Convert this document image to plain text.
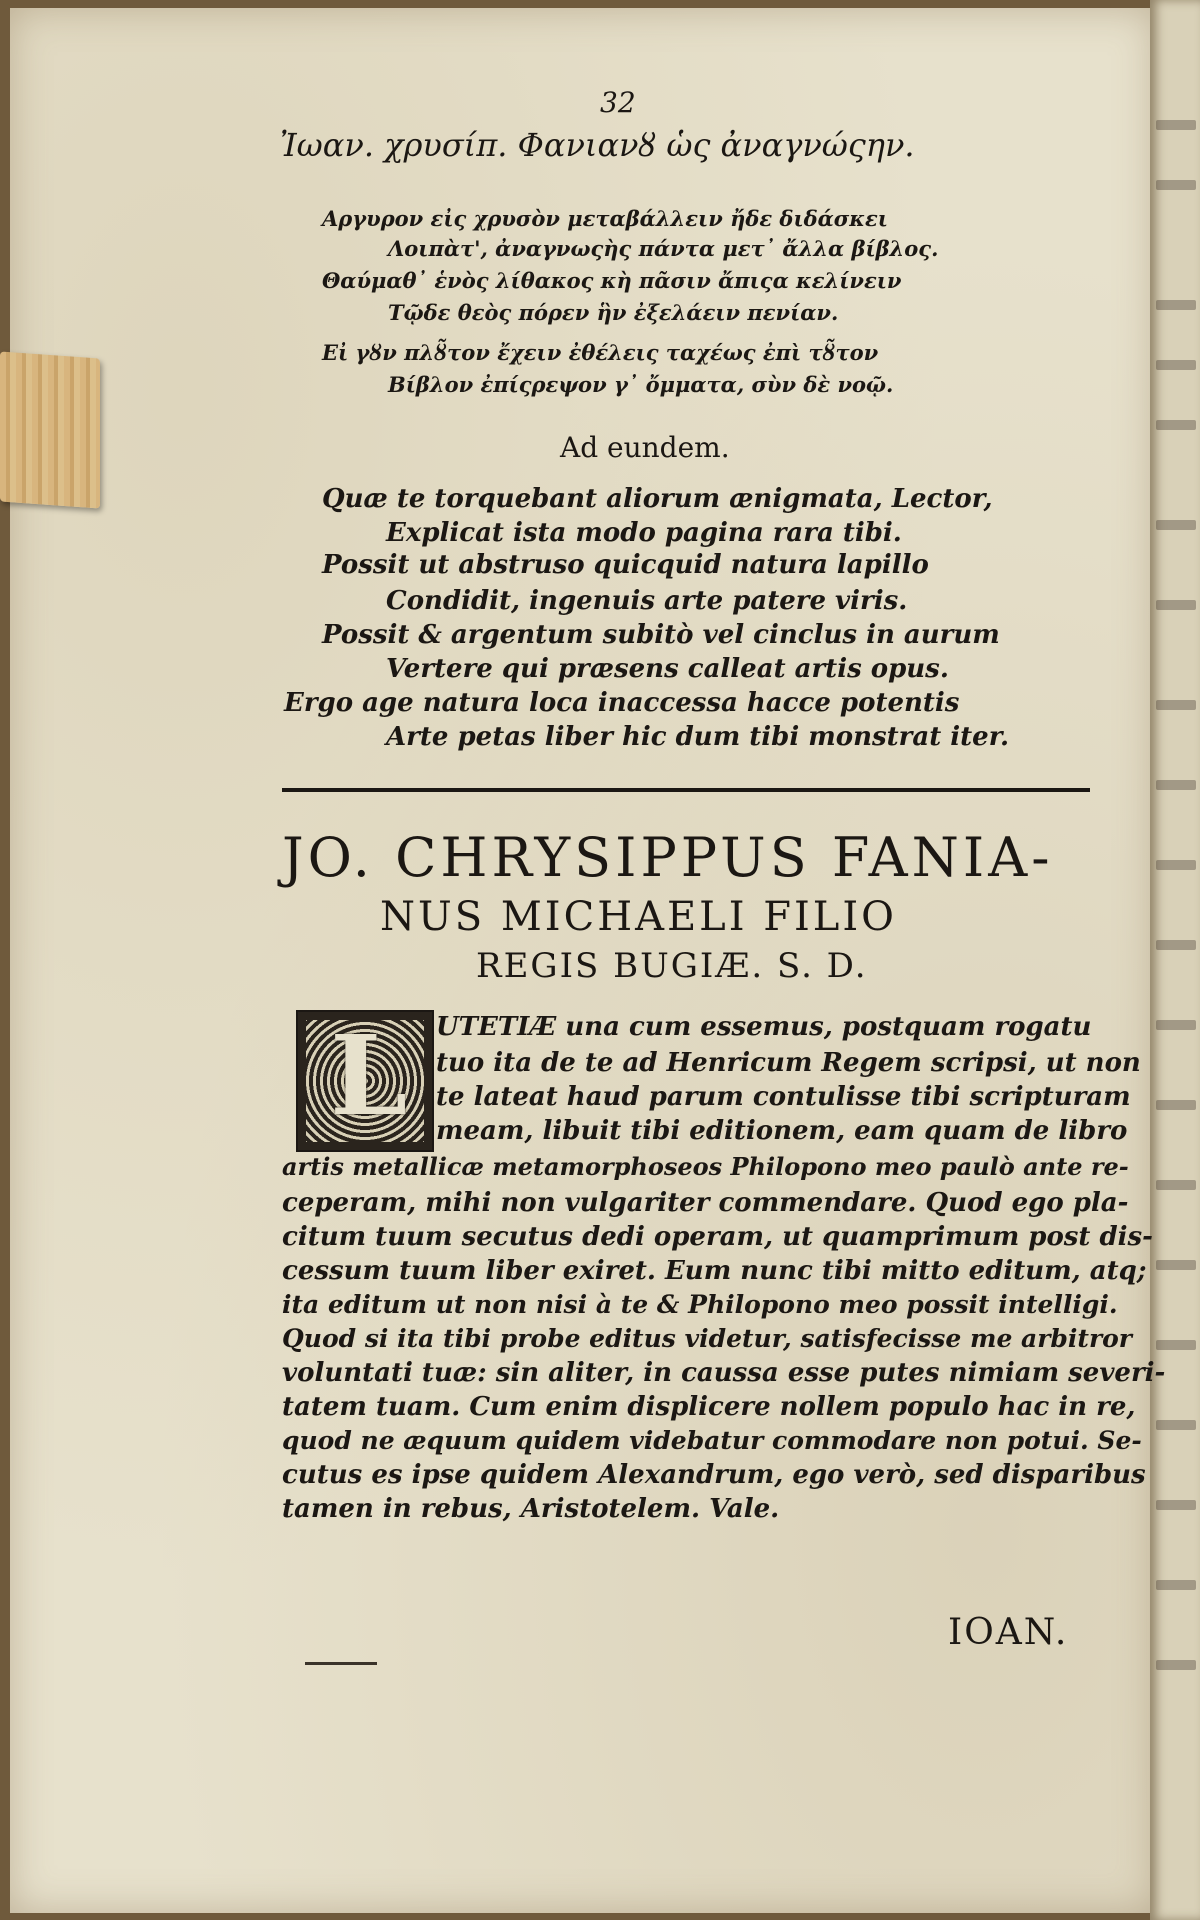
32
Ἰωαν. χρυσίπ. Φανιανȣ ὡς ἀναγνώςην.
Αργυρον εἰς χρυσὸν μεταβάλλειν ἤδε διδάσκει
Λοιπὰτ', ἀναγνωςὴς πάντα μετ᾽ ἄλλα βίβλος.
Θαύμαθ᾽ ἑνὸς λίθακος κὴ πᾶσιν ἄπιςα κελίνειν
Τῷδε θεὸς πόρεν ἣν ἐξελάειν πενίαν.
Εἰ γȣν πλȣ̃τον ἔχειν ἐθέλεις ταχέως ἐπὶ τȣ̃τον
Βίβλον ἐπίςρεψον γ᾽ ὄμματα, σὺν δὲ νοῷ.
Ad eundem.
Quæ te torquebant aliorum ænigmata, Lector,
Explicat ista modo pagina rara tibi.
Possit ut abstruso quicquid natura lapillo
Condidit, ingenuis arte patere viris.
Possit & argentum subitò vel cinclus in aurum
Vertere qui præsens calleat artis opus.
Ergo age natura loca inaccessa hacce potentis
Arte petas liber hic dum tibi monstrat iter.
JO. CHRYSIPPUS FANIA-
NUS MICHAELI FILIO
REGIS BUGIÆ. S. D.
L UTETIÆ una cum essemus, postquam rogatu
tuo ita de te ad Henricum Regem scripsi, ut non
te lateat haud parum contulisse tibi scripturam
meam, libuit tibi editionem, eam quam de libro
artis metallicæ metamorphoseos Philopono meo paulò ante re-
ceperam, mihi non vulgariter commendare. Quod ego pla-
citum tuum secutus dedi operam, ut quamprimum post dis-
cessum tuum liber exiret. Eum nunc tibi mitto editum, atq;
ita editum ut non nisi à te & Philopono meo possit intelligi.
Quod si ita tibi probe editus videtur, satisfecisse me arbitror
voluntati tuæ: sin aliter, in caussa esse putes nimiam severi-
tatem tuam. Cum enim displicere nollem populo hac in re,
quod ne æquum quidem videbatur commodare non potui. Se-
cutus es ipse quidem Alexandrum, ego verò, sed disparibus
tamen in rebus, Aristotelem. Vale.
IOAN.
